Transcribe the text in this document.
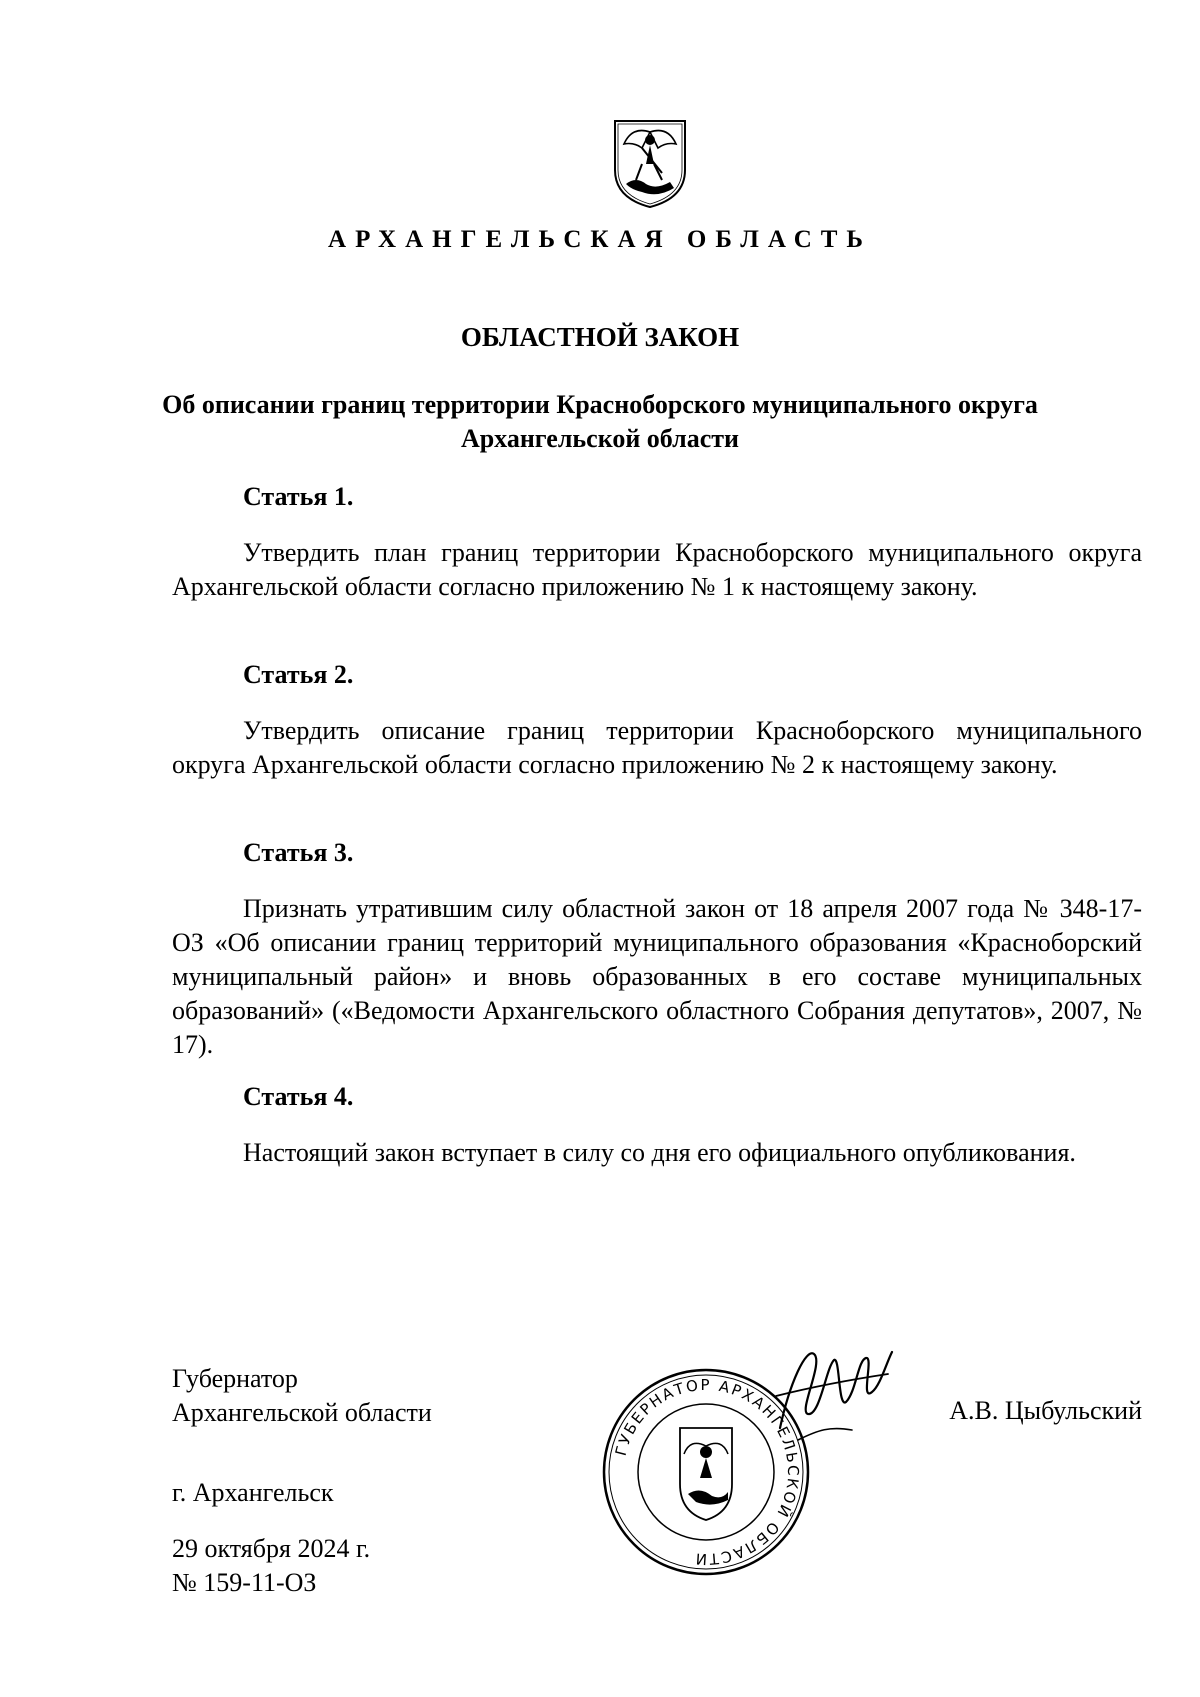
АРХАНГЕЛЬСКАЯ ОБЛАСТЬ
ОБЛАСТНОЙ ЗАКОН
Об описании границ территории Красноборского муниципального округа Архангельской области
Статья 1.
Утвердить план границ территории Красноборского муниципального округа Архангельской области согласно приложению № 1 к настоящему закону.
Статья 2.
Утвердить описание границ территории Красноборского муниципального округа Архангельской области согласно приложению № 2 к настоящему закону.
Статья 3.
Признать утратившим силу областной закон от 18 апреля 2007 года № 348-17-ОЗ «Об описании границ территорий муниципального образования «Красноборский муниципальный район» и вновь образованных в его составе муниципальных образований» («Ведомости Архангельского областного Собрания депутатов», 2007, № 17).
Статья 4.
Настоящий закон вступает в силу со дня его официального опубликования.
Губернатор
Архангельской области	А.В. Цыбульский
ГУБЕРНАТОР АРХАНГЕЛЬСКОЙ ОБЛАСТИ
г. Архангельск
29 октября 2024 г.
№ 159-11-ОЗ
